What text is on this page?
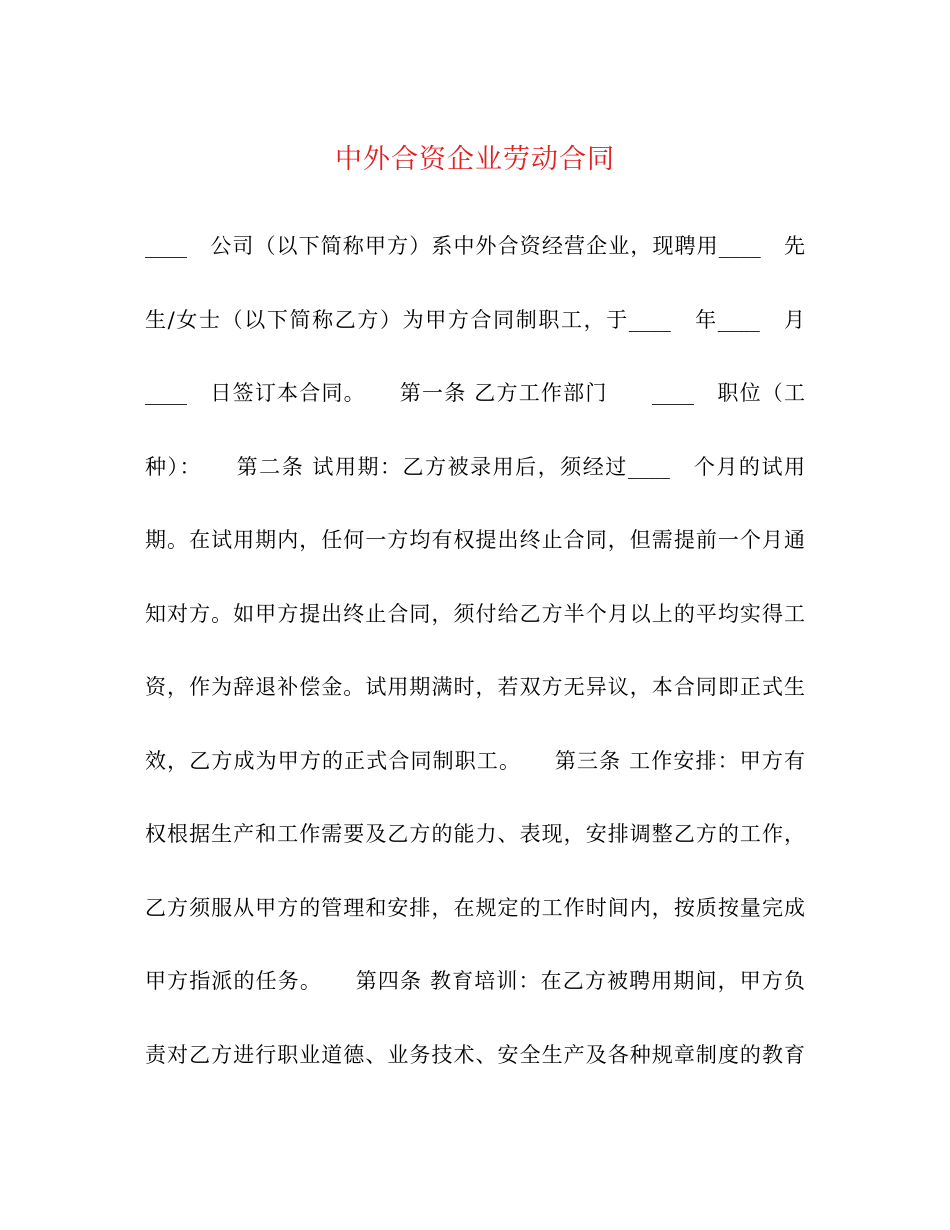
中外合资企业劳动合同
____　公司（以下简称甲方）系中外合资经营企业，现聘用____　先
生/女士（以下简称乙方）为甲方合同制职工，于____　年____　月
____　日签订本合同。　　第一条 乙方工作部门　　____　职位（工
种）：　　第二条 试用期：乙方被录用后，须经过____　个月的试用
期。在试用期内，任何一方均有权提出终止合同，但需提前一个月通
知对方。如甲方提出终止合同，须付给乙方半个月以上的平均实得工
资，作为辞退补偿金。试用期满时，若双方无异议，本合同即正式生
效，乙方成为甲方的正式合同制职工。　　第三条 工作安排：甲方有
权根据生产和工作需要及乙方的能力、表现，安排调整乙方的工作，
乙方须服从甲方的管理和安排，在规定的工作时间内，按质按量完成
甲方指派的任务。　　第四条 教育培训：在乙方被聘用期间，甲方负
责对乙方进行职业道德、业务技术、安全生产及各种规章制度的教育
